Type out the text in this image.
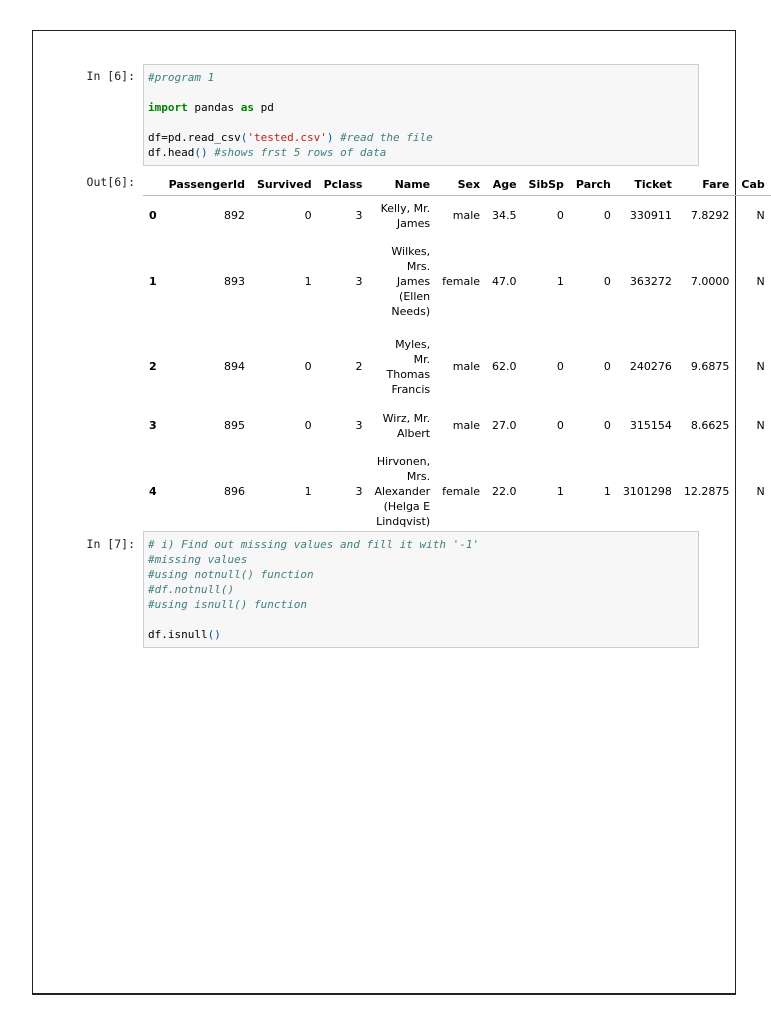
In [6]: #program 1
import pandas as pd
df=pd.read_csv('tested.csv') #read the file
df.head() #shows frst 5 rows of data
Out[6]:
		PassengerId	Survived	Pclass	Name	Sex	Age	SibSp	Parch	Ticket	Fare	Cab
0	892	0	3	Kelly, Mr.
James	male	34.5	0	0	330911	7.8292	N
1	893	1	3	Wilkes,
Mrs.
James
(Ellen
Needs)	female	47.0	1	0	363272	7.0000	N
2	894	0	2	Myles,
Mr.
Thomas
Francis	male	62.0	0	0	240276	9.6875	N
3	895	0	3	Wirz, Mr.
Albert	male	27.0	0	0	315154	8.6625	N
4	896	1	3	Hirvonen,
Mrs.
Alexander
(Helga E
Lindqvist)	female	22.0	1	1	3101298	12.2875	N
In [7]: # i) Find out missing values and fill it with '-1'
#missing values
#using notnull() function
#df.notnull()
#using isnull() function
df.isnull()
